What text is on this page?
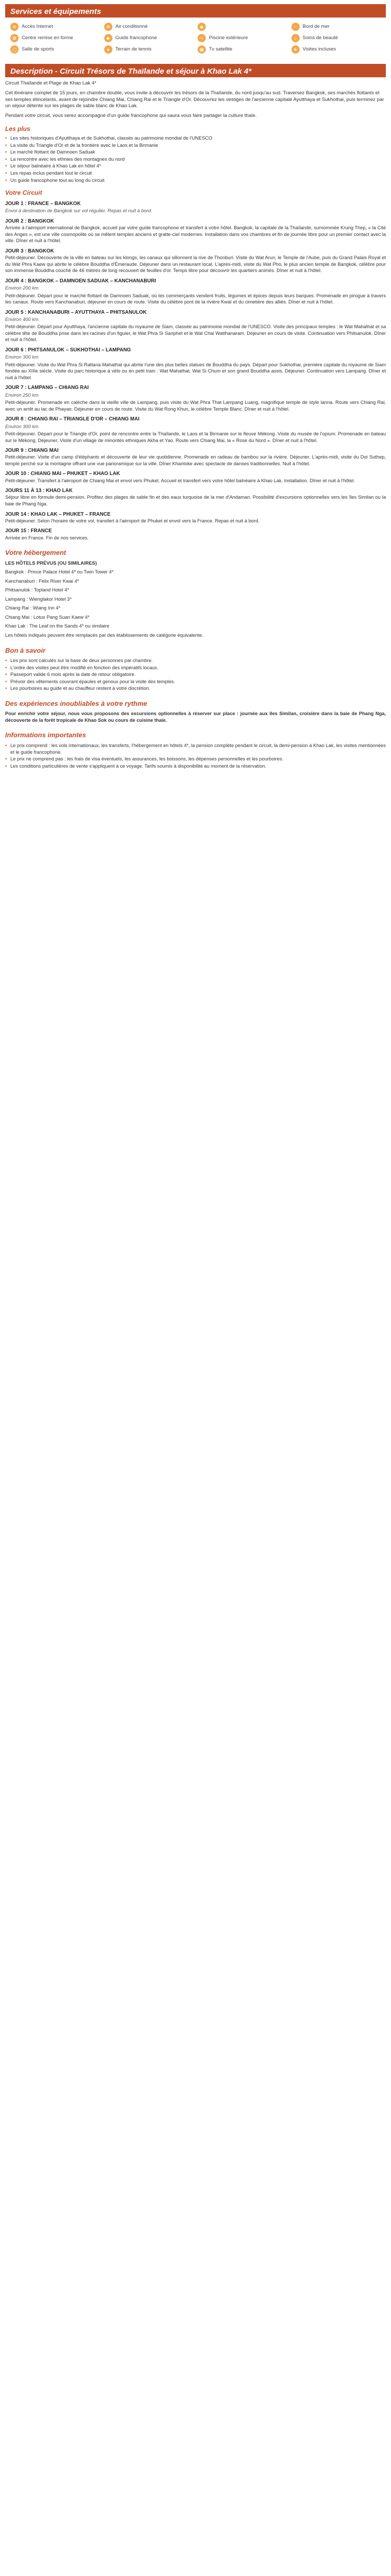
Services et équipements
≋	Accès Internet	❄	Air conditionné	◆	~	Bord de mer
✿	Centre remise en forme	☻ Guide francophone	≈	Piscine extérieure	☼	Soins de beauté
▢	Salle de sports	●	Terrain de tennis	▣	Tv satellite	★	Visites incluses
Description - Circuit Trésors de Thaïlande et séjour à Khao Lak 4*

Circuit Thaïlande et Plage de Khao Lak 4*

Cet itinéraire complet de 15 jours, en chambre double, vous invite à découvrir les trésors de la Thaïlande, du nord jusqu'au sud. Traversez Bangkok, ses marchés flottants et ses temples étincelants, avant de rejoindre Chiang Mai, Chiang Rai et le Triangle d'Or. Découvrez les vestiges de l'ancienne capitale Ayutthaya et Sukhothai, puis terminez par un séjour détente sur les plages de sable blanc de Khao Lak.

Pendant votre circuit, vous serez accompagné d'un guide francophone qui saura vous faire partager la culture thaïe.

Les plus
• Les sites historiques d'Ayutthaya et de Sukhothai, classés au patrimoine mondial de l'UNESCO
• La visite du Triangle d'Or et de la frontière avec le Laos et la Birmanie
• Le marché flottant de Damnoen Saduak
• La rencontre avec les ethnies des montagnes du nord
• Le séjour balnéaire à Khao Lak en hôtel 4*
• Les repas inclus pendant tout le circuit
• Un guide francophone tout au long du circuit
Votre Circuit
JOUR 1 : FRANCE – BANGKOK
Envol à destination de Bangkok sur vol régulier. Repas et nuit à bord.
JOUR 2 : BANGKOK
Arrivée à l'aéroport international de Bangkok, accueil par votre guide francophone et transfert à votre hôtel. Bangkok, la capitale de la Thaïlande, surnommée Krung Thep, « la Cité des Anges », est une ville cosmopolite où se mêlent temples anciens et gratte-ciel modernes. Installation dans vos chambres et fin de journée libre pour un premier contact avec la ville. Dîner et nuit à l'hôtel.
JOUR 3 : BANGKOK
Petit-déjeuner. Découverte de la ville en bateau sur les klongs, les canaux qui sillonnent la rive de Thonburi. Visite du Wat Arun, le Temple de l'Aube, puis du Grand Palais Royal et du Wat Phra Kaew qui abrite le célèbre Bouddha d'Émeraude. Déjeuner dans un restaurant local. L'après-midi, visite du Wat Pho, le plus ancien temple de Bangkok, célèbre pour son immense Bouddha couché de 46 mètres de long recouvert de feuilles d'or. Temps libre pour découvrir les quartiers animés. Dîner et nuit à l'hôtel.
JOUR 4 : BANGKOK – DAMNOEN SADUAK – KANCHANABURI
Environ 200 km
Petit-déjeuner. Départ pour le marché flottant de Damnoen Saduak, où les commerçants vendent fruits, légumes et épices depuis leurs barques. Promenade en pirogue à travers les canaux. Route vers Kanchanaburi, déjeuner en cours de route. Visite du célèbre pont de la rivière Kwaï et du cimetière des alliés. Dîner et nuit à l'hôtel.
JOUR 5 : KANCHANABURI – AYUTTHAYA – PHITSANULOK
Environ 400 km
Petit-déjeuner. Départ pour Ayutthaya, l'ancienne capitale du royaume de Siam, classée au patrimoine mondial de l'UNESCO. Visite des principaux temples : le Wat Mahathat et sa célèbre tête de Bouddha prise dans les racines d'un figuier, le Wat Phra Si Sanphet et le Wat Chai Watthanaram. Déjeuner en cours de visite. Continuation vers Phitsanulok. Dîner et nuit à l'hôtel.
JOUR 6 : PHITSANULOK – SUKHOTHAI – LAMPANG
Environ 300 km
Petit-déjeuner. Visite du Wat Phra Si Rattana Mahathat qui abrite l'une des plus belles statues de Bouddha du pays. Départ pour Sukhothai, première capitale du royaume de Siam fondée au XIIIe siècle. Visite du parc historique à vélo ou en petit train : Wat Mahathat, Wat Si Chum et son grand Bouddha assis. Déjeuner. Continuation vers Lampang. Dîner et nuit à l'hôtel.
JOUR 7 : LAMPANG – CHIANG RAI
Environ 250 km
Petit-déjeuner. Promenade en calèche dans la vieille ville de Lampang, puis visite du Wat Phra That Lampang Luang, magnifique temple de style lanna. Route vers Chiang Rai, avec un arrêt au lac de Phayao. Déjeuner en cours de route. Visite du Wat Rong Khun, le célèbre Temple Blanc. Dîner et nuit à l'hôtel.
JOUR 8 : CHIANG RAI – TRIANGLE D'OR – CHIANG MAI
Environ 300 km
Petit-déjeuner. Départ pour le Triangle d'Or, point de rencontre entre la Thaïlande, le Laos et la Birmanie sur le fleuve Mékong. Visite du musée de l'opium. Promenade en bateau sur le Mékong. Déjeuner. Visite d'un village de minorités ethniques Akha et Yao. Route vers Chiang Mai, la « Rose du Nord ». Dîner et nuit à l'hôtel.
JOUR 9 : CHIANG MAI
Petit-déjeuner. Visite d'un camp d'éléphants et découverte de leur vie quotidienne. Promenade en radeau de bambou sur la rivière. Déjeuner. L'après-midi, visite du Doi Suthep, temple perché sur la montagne offrant une vue panoramique sur la ville. Dîner Khantoke avec spectacle de danses traditionnelles. Nuit à l'hôtel.
JOUR 10 : CHIANG MAI – PHUKET – KHAO LAK
Petit-déjeuner. Transfert à l'aéroport de Chiang Mai et envol vers Phuket. Accueil et transfert vers votre hôtel balnéaire à Khao Lak. Installation. Dîner et nuit à l'hôtel.
JOURS 11 À 13 : KHAO LAK
Séjour libre en formule demi-pension. Profitez des plages de sable fin et des eaux turquoise de la mer d'Andaman. Possibilité d'excursions optionnelles vers les îles Similan ou la baie de Phang Nga.
JOUR 14 : KHAO LAK – PHUKET – FRANCE
Petit-déjeuner. Selon l'horaire de votre vol, transfert à l'aéroport de Phuket et envol vers la France. Repas et nuit à bord.
JOUR 15 : FRANCE
Arrivée en France. Fin de nos services.
Votre hébergement

LES HÔTELS PRÉVUS (OU SIMILAIRES)

Bangkok : Prince Palace Hotel 4* ou Twin Tower 4*

Kanchanaburi : Felix River Kwai 4*

Phitsanulok : Topland Hotel 4*

Lampang : Wienglakor Hotel 3*

Chiang Rai : Wiang Inn 4*

Chiang Mai : Lotus Pang Suan Kaew 4*

Khao Lak : The Leaf on the Sands 4* ou similaire

Les hôtels indiqués peuvent être remplacés par des établissements de catégorie équivalente.

Bon à savoir
• Les prix sont calculés sur la base de deux personnes par chambre.
• L'ordre des visites peut être modifié en fonction des impératifs locaux.
• Passeport valide 6 mois après la date de retour obligatoire.
• Prévoir des vêtements couvrant épaules et genoux pour la visite des temples.
• Les pourboires au guide et au chauffeur restent à votre discrétion.
Des expériences inoubliables à votre rythme

Pour enrichir votre séjour, nous vous proposons des excursions optionnelles à réserver sur place : journée aux îles Similan, croisière dans la baie de Phang Nga, découverte de la forêt tropicale de Khao Sok ou cours de cuisine thaïe.

Informations importantes
• Le prix comprend : les vols internationaux, les transferts, l'hébergement en hôtels 4*, la pension complète pendant le circuit, la demi-pension à Khao Lak, les visites mentionnées et le guide francophone.
• Le prix ne comprend pas : les frais de visa éventuels, les assurances, les boissons, les dépenses personnelles et les pourboires.
• Les conditions particulières de vente s'appliquent à ce voyage. Tarifs soumis à disponibilité au moment de la réservation.
